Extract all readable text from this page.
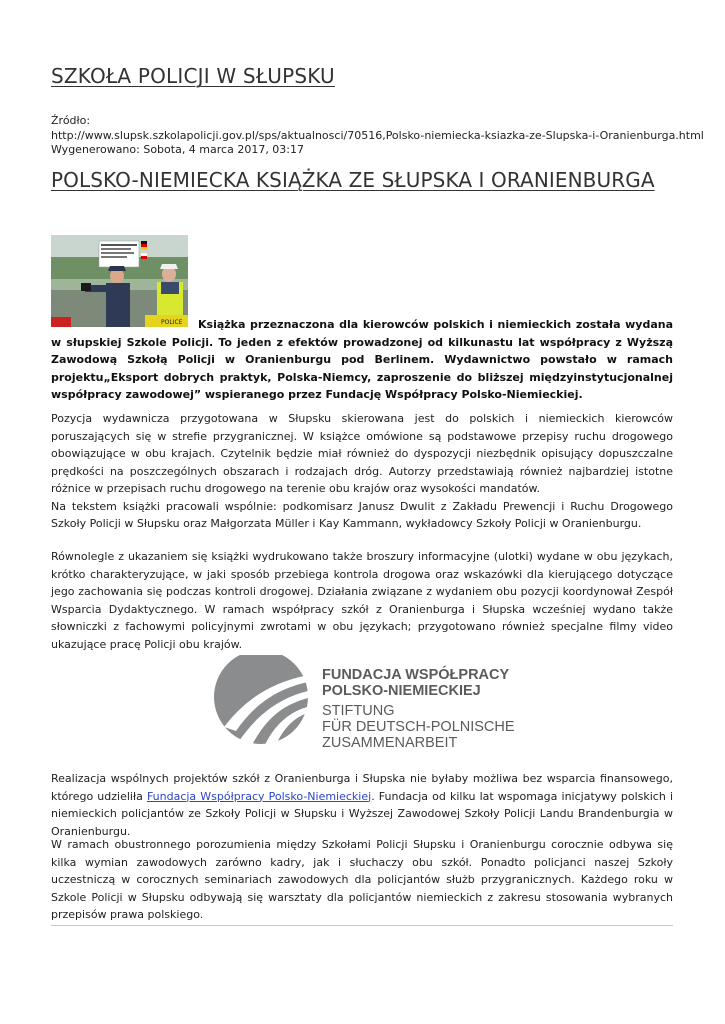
SZKOŁA POLICJI W SŁUPSKU
Źródło:
http://www.slupsk.szkolapolicji.gov.pl/sps/aktualnosci/70516,Polsko-niemiecka-ksiazka-ze-Slupska-i-Oranienburga.html
Wygenerowano: Sobota, 4 marca 2017, 03:17
POLSKO-NIEMIECKA KSIĄŻKA ZE SŁUPSKA I ORANIENBURGA
POLICE	Książka przeznaczona dla kierowców polskich i niemieckich została wydana w słupskiej Szkole Policji. To jeden z efektów prowadzonej od kilkunastu lat współpracy z Wyższą Zawodową Szkołą Policji w Oranienburgu pod Berlinem. Wydawnictwo powstało w ramach projektu„Eksport dobrych praktyk, Polska-Niemcy, zaproszenie do bliższej międzyinstytucjonalnej współpracy zawodowej” wspieranego przez Fundację Współpracy Polsko-Niemieckiej.

Pozycja wydawnicza przygotowana w Słupsku skierowana jest do polskich i niemieckich kierowców poruszających się w strefie przygranicznej. W książce omówione są podstawowe przepisy ruchu drogowego obowiązujące w obu krajach. Czytelnik będzie miał również do dyspozycji niezbędnik opisujący dopuszczalne prędkości na poszczególnych obszarach i rodzajach dróg. Autorzy przedstawiają również najbardziej istotne różnice w przepisach ruchu drogowego na terenie obu krajów oraz wysokości mandatów.

Na tekstem książki pracowali wspólnie: podkomisarz Janusz Dwulit z Zakładu Prewencji i Ruchu Drogowego Szkoły Policji w Słupsku oraz Małgorzata Müller i Kay Kammann, wykładowcy Szkoły Policji w Oranienburgu.

Równolegle z ukazaniem się książki wydrukowano także broszury informacyjne (ulotki) wydane w obu językach, krótko charakteryzujące, w jaki sposób przebiega kontrola drogowa oraz wskazówki dla kierującego dotyczące jego zachowania się podczas kontroli drogowej. Działania związane z wydaniem obu pozycji koordynował Zespół Wsparcia Dydaktycznego. W ramach współpracy szkół z Oranienburga i Słupska wcześniej wydano także słowniczki z fachowymi policyjnymi zwrotami w obu językach; przygotowano również specjalne filmy video ukazujące pracę Policji obu krajów.

FUNDACJA WSPÓŁPRACY
POLSKO-NIEMIECKIEJ
STIFTUNG
FÜR DEUTSCH-POLNISCHE
ZUSAMMENARBEIT

Realizacja wspólnych projektów szkół z Oranienburga i Słupska nie byłaby możliwa bez wsparcia finansowego, którego udzieliła Fundacja Współpracy Polsko-Niemieckiej. Fundacja od kilku lat wspomaga inicjatywy polskich i niemieckich policjantów ze Szkoły Policji w Słupsku i Wyższej Zawodowej Szkoły Policji Landu Brandenburgia w Oranienburgu.

W ramach obustronnego porozumienia między Szkołami Policji Słupsku i Oranienburgu corocznie odbywa się kilka wymian zawodowych zarówno kadry, jak i słuchaczy obu szkół. Ponadto policjanci naszej Szkoły uczestniczą w corocznych seminariach zawodowych dla policjantów służb przygranicznych. Każdego roku w Szkole Policji w Słupsku odbywają się warsztaty dla policjantów niemieckich z zakresu stosowania wybranych przepisów prawa polskiego.
